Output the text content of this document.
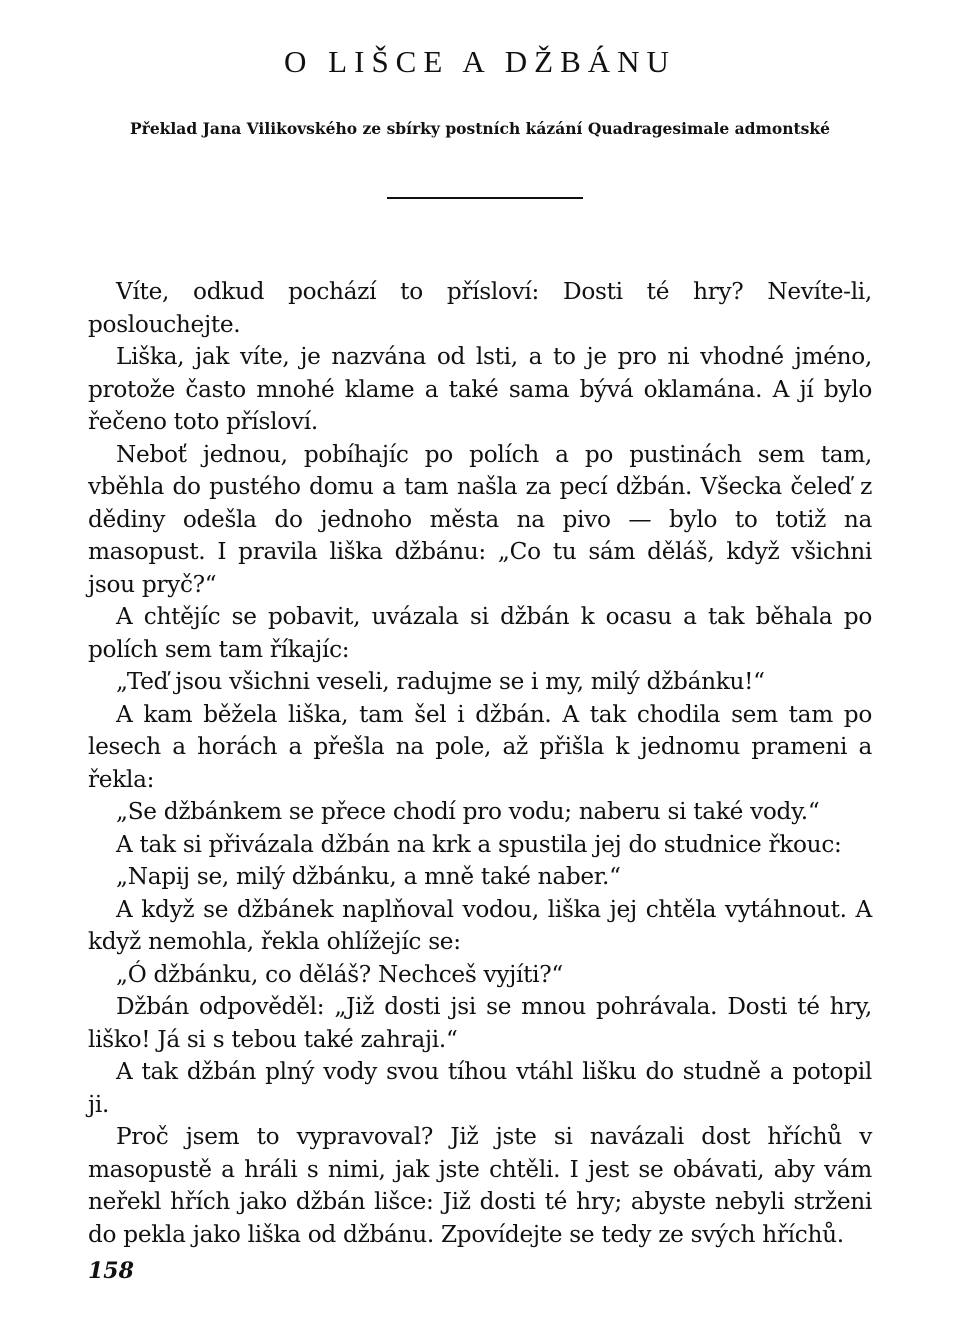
O LIŠCE A DŽBÁNU
Překlad Jana Vilikovského ze sbírky postních kázání Quadragesimale admontské

Víte, odkud pochází to přísloví: Dosti té hry? Nevíte-li, poslouchejte.

Liška, jak víte, je nazvána od lsti, a to je pro ni vhodné jméno, protože často mnohé klame a také sama bývá oklamána. A jí bylo řečeno toto přísloví.

Neboť jednou, pobíhajíc po polích a po pustinách sem tam, vběhla do pustého domu a tam našla za pecí džbán. Všecka čeleď z dědiny odešla do jednoho města na pivo — bylo to totiž na masopust. I pravila liška džbánu: „Co tu sám děláš, když všichni jsou pryč?“

A chtějíc se pobavit, uvázala si džbán k ocasu a tak běhala po polích sem tam říkajíc:

„Teď jsou všichni veseli, radujme se i my, milý džbánku!“

A kam běžela liška, tam šel i džbán. A tak chodila sem tam po lesech a horách a přešla na pole, až přišla k jednomu prameni a řekla:

„Se džbánkem se přece chodí pro vodu; naberu si také vody.“

A tak si přivázala džbán na krk a spustila jej do studnice řkouc:

„Napij se, milý džbánku, a mně také naber.“

A když se džbánek naplňoval vodou, liška jej chtěla vytáhnout. A když nemohla, řekla ohlížejíc se:

„Ó džbánku, co děláš? Nechceš vyjíti?“

Džbán odpověděl: „Již dosti jsi se mnou pohrávala. Dosti té hry, liško! Já si s tebou také zahraji.“

A tak džbán plný vody svou tíhou vtáhl lišku do studně a potopil ji.

Proč jsem to vypravoval? Již jste si navázali dost hříchů v masopustě a hráli s nimi, jak jste chtěli. I jest se obávati, aby vám neřekl hřích jako džbán lišce: Již dosti té hry; abyste nebyli strženi do pekla jako liška od džbánu. Zpovídejte se tedy ze svých hříchů.

158
